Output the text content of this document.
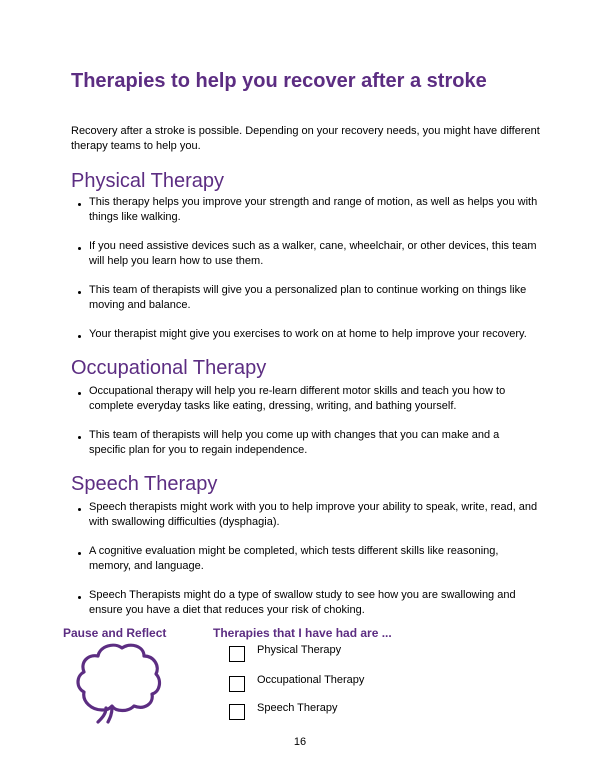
Therapies to help you recover after a stroke

Recovery after a stroke is possible. Depending on your recovery needs, you might have different therapy teams to help you.

Physical Therapy
This therapy helps you improve your strength and range of motion, as well as helps you with things like walking.
If you need assistive devices such as a walker, cane, wheelchair, or other devices, this team will help you learn how to use them.
This team of therapists will give you a personalized plan to continue working on things like moving and balance.
Your therapist might give you exercises to work on at home to help improve your recovery.
Occupational Therapy
Occupational therapy will help you re-learn different motor skills and teach you how to complete everyday tasks like eating, dressing, writing, and bathing yourself.
This team of therapists will help you come up with changes that you can make and a specific plan for you to regain independence.
Speech Therapy
Speech therapists might work with you to help improve your ability to speak, write, read, and with swallowing difficulties (dysphagia).
A cognitive evaluation might be completed, which tests different skills like reasoning, memory, and language.
Speech Therapists might do a type of swallow study to see how you are swallowing and ensure you have a diet that reduces your risk of choking.
Pause and Reflect	Therapies that I have had are ...
Physical Therapy
Occupational Therapy
Speech Therapy
16
